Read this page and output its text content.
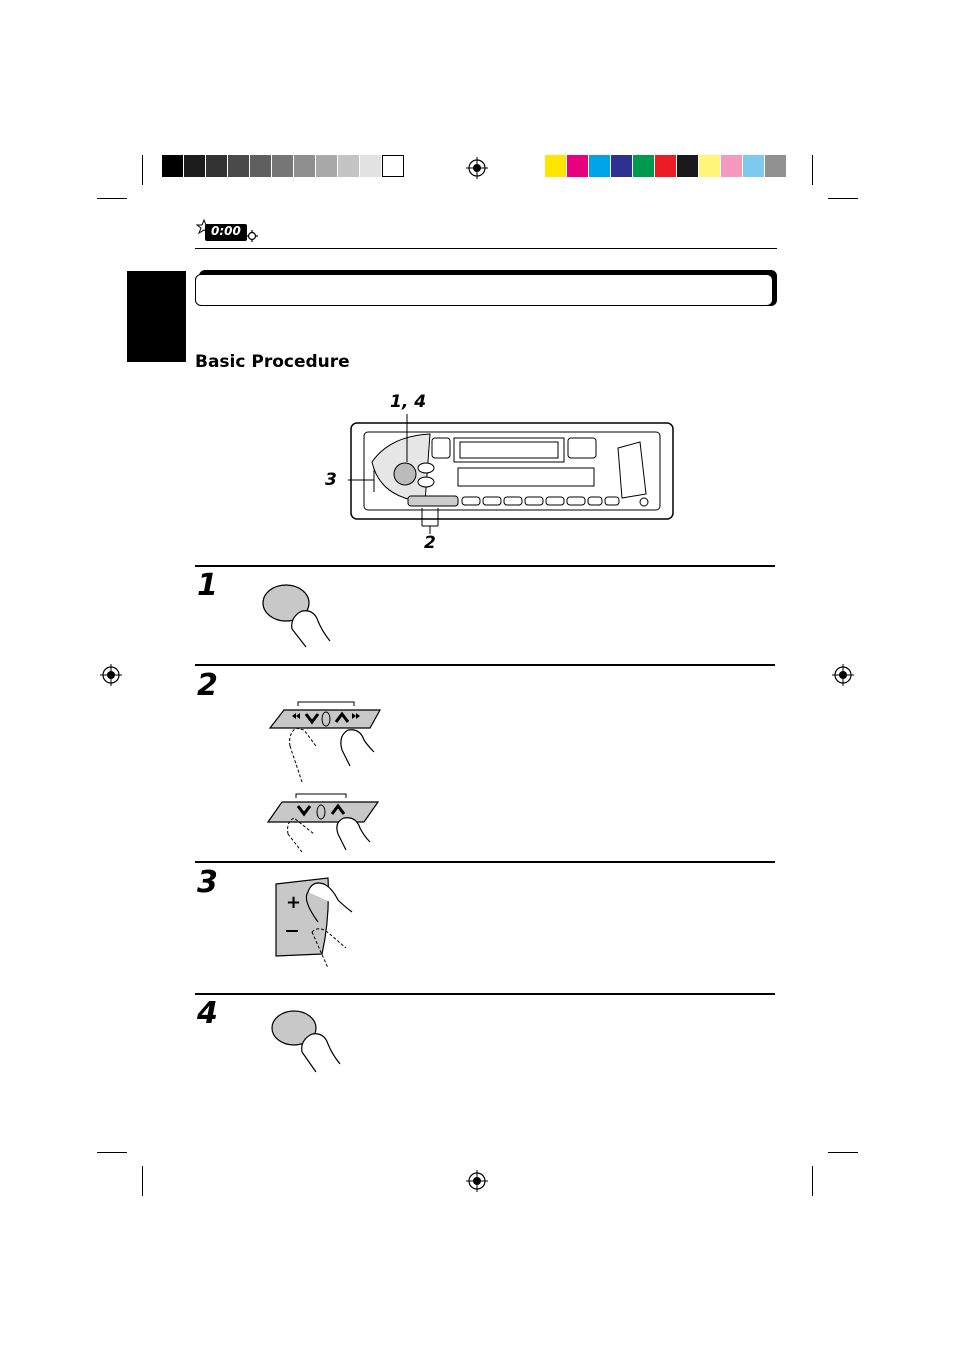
0:00
Basic Procedure
1, 4
3
2
1
2
3
4
+
